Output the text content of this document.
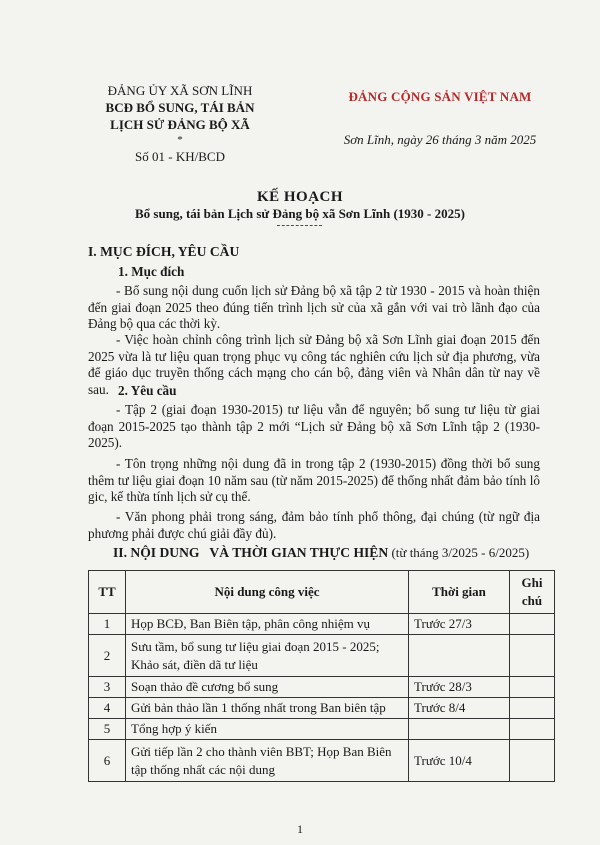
ĐẢNG ỦY XÃ SƠN LĨNH
BCĐ BỔ SUNG, TÁI BẢN
LỊCH SỬ ĐẢNG BỘ XÃ
*
Số 01 - KH/BCD
ĐẢNG CỘNG SẢN VIỆT NAM
Sơn Lĩnh, ngày 26 tháng 3 năm 2025
KẾ HOẠCH
Bổ sung, tái bản Lịch sử Đảng bộ xã Sơn Lĩnh (1930 - 2025)
----------
I. MỤC ĐÍCH, YÊU CẦU
1. Mục đích
- Bổ sung nội dung cuốn lịch sử Đảng bộ xã tập 2 từ 1930 - 2015 và hoàn thiện đến giai đoạn 2025 theo đúng tiến trình lịch sử của xã gắn với vai trò lãnh đạo của Đảng bộ qua các thời kỳ.
- Việc hoàn chỉnh công trình lịch sử Đảng bộ xã Sơn Lĩnh giai đoạn 2015 đến 2025 vừa là tư liệu quan trọng phục vụ công tác nghiên cứu lịch sử địa phương, vừa để giáo dục truyền thống cách mạng cho cán bộ, đảng viên và Nhân dân từ nay về sau. 2. Yêu cầu
- Tập 2 (giai đoạn 1930-2015) tư liệu vẫn để nguyên; bổ sung tư liệu từ giai đoạn 2015-2025 tạo thành tập 2 mới “Lịch sử Đảng bộ xã Sơn Lĩnh tập 2 (1930-2025).
- Tôn trọng những nội dung đã in trong tập 2 (1930-2015) đồng thời bổ sung thêm tư liệu giai đoạn 10 năm sau (từ năm 2015-2025) để thống nhất đảm bảo tính lô gic, kế thừa tính lịch sử cụ thể.
- Văn phong phải trong sáng, đảm bảo tính phổ thông, đại chúng (từ ngữ địa phương phải được chú giải đầy đủ).
II. NỘI DUNG   VÀ THỜI GIAN THỰC HIỆN (từ tháng 3/2025 - 6/2025)
TT	Nội dung công việc	Thời gian	Ghi chú
1	Họp BCĐ, Ban Biên tập, phân công nhiệm vụ	Trước 27/3	
2	Sưu tầm, bổ sung tư liệu giai đoạn 2015 - 2025; Khảo sát, điền dã tư liệu		
3	Soạn thảo đề cương bổ sung	Trước 28/3	
4	Gửi bản thảo lần 1 thống nhất trong Ban biên tập	Trước 8/4	
5	Tổng hợp ý kiến		
6	Gửi tiếp lần 2 cho thành viên BBT; Họp Ban Biên tập thống nhất các nội dung	Trước 10/4	
1
